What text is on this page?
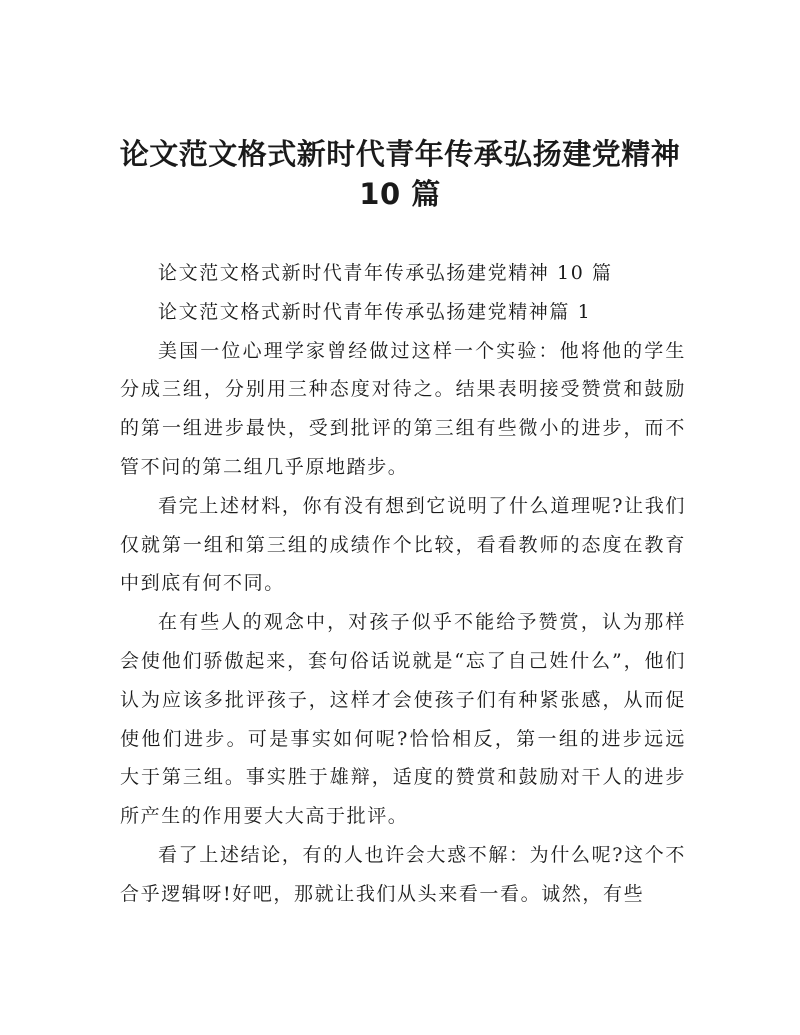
论文范文格式新时代青年传承弘扬建党精神
10 篇

论文范文格式新时代青年传承弘扬建党精神 10 篇

论文范文格式新时代青年传承弘扬建党精神篇 1

美国一位心理学家曾经做过这样一个实验：他将他的学生分成三组，分别用三种态度对待之。结果表明接受赞赏和鼓励的第一组进步最快，受到批评的第三组有些微小的进步，而不管不问的第二组几乎原地踏步。

看完上述材料，你有没有想到它说明了什么道理呢?让我们仅就第一组和第三组的成绩作个比较，看看教师的态度在教育中到底有何不同。

在有些人的观念中，对孩子似乎不能给予赞赏，认为那样会使他们骄傲起来，套句俗话说就是“忘了自己姓什么”，他们认为应该多批评孩子，这样才会使孩子们有种紧张感，从而促使他们进步。可是事实如何呢?恰恰相反，第一组的进步远远大于第三组。事实胜于雄辩，适度的赞赏和鼓励对干人的进步所产生的作用要大大高于批评。

看了上述结论，有的人也许会大惑不解：为什么呢?这个不合乎逻辑呀!好吧，那就让我们从头来看一看。诚然，有些
